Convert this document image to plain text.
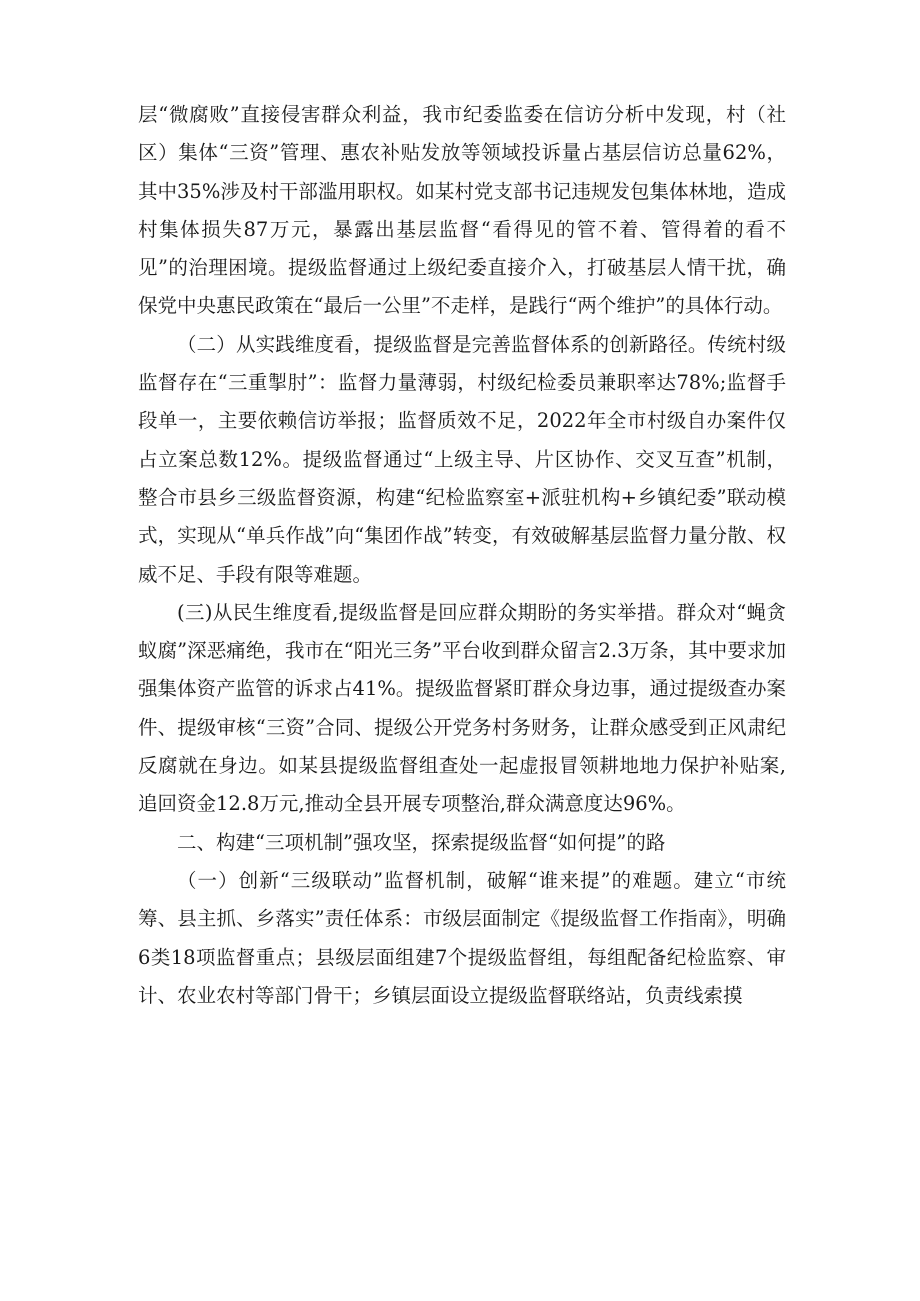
层“微腐败”直接侵害群众利益，我市纪委监委在信访分析中发现，村（社区）集体“三资”管理、惠农补贴发放等领域投诉量占基层信访总量62%，其中35%涉及村干部滥用职权。如某村党支部书记违规发包集体林地，造成村集体损失87万元，暴露出基层监督“看得见的管不着、管得着的看不见”的治理困境。提级监督通过上级纪委直接介入，打破基层人情干扰，确保党中央惠民政策在“最后一公里”不走样，是践行“两个维护”的具体行动。

（二）从实践维度看，提级监督是完善监督体系的创新路径。传统村级监督存在“三重掣肘”：监督力量薄弱，村级纪检委员兼职率达78%;监督手段单一，主要依赖信访举报；监督质效不足，2022年全市村级自办案件仅占立案总数12%。提级监督通过“上级主导、片区协作、交叉互查”机制，整合市县乡三级监督资源，构建“纪检监察室+派驻机构+乡镇纪委”联动模式，实现从“单兵作战”向“集团作战”转变，有效破解基层监督力量分散、权威不足、手段有限等难题。

(三)从民生维度看,提级监督是回应群众期盼的务实举措。群众对“蝇贪蚁腐”深恶痛绝，我市在“阳光三务”平台收到群众留言2.3万条，其中要求加强集体资产监管的诉求占41%。提级监督紧盯群众身边事，通过提级查办案件、提级审核“三资”合同、提级公开党务村务财务，让群众感受到正风肃纪反腐就在身边。如某县提级监督组查处一起虚报冒领耕地地力保护补贴案,追回资金12.8万元,推动全县开展专项整治,群众满意度达96%。

二、构建“三项机制”强攻坚，探索提级监督“如何提”的路

（一）创新“三级联动”监督机制，破解“谁来提”的难题。建立“市统筹、县主抓、乡落实”责任体系：市级层面制定《提级监督工作指南》，明确6类18项监督重点；县级层面组建7个提级监督组，每组配备纪检监察、审计、农业农村等部门骨干；乡镇层面设立提级监督联络站，负责线索摸
